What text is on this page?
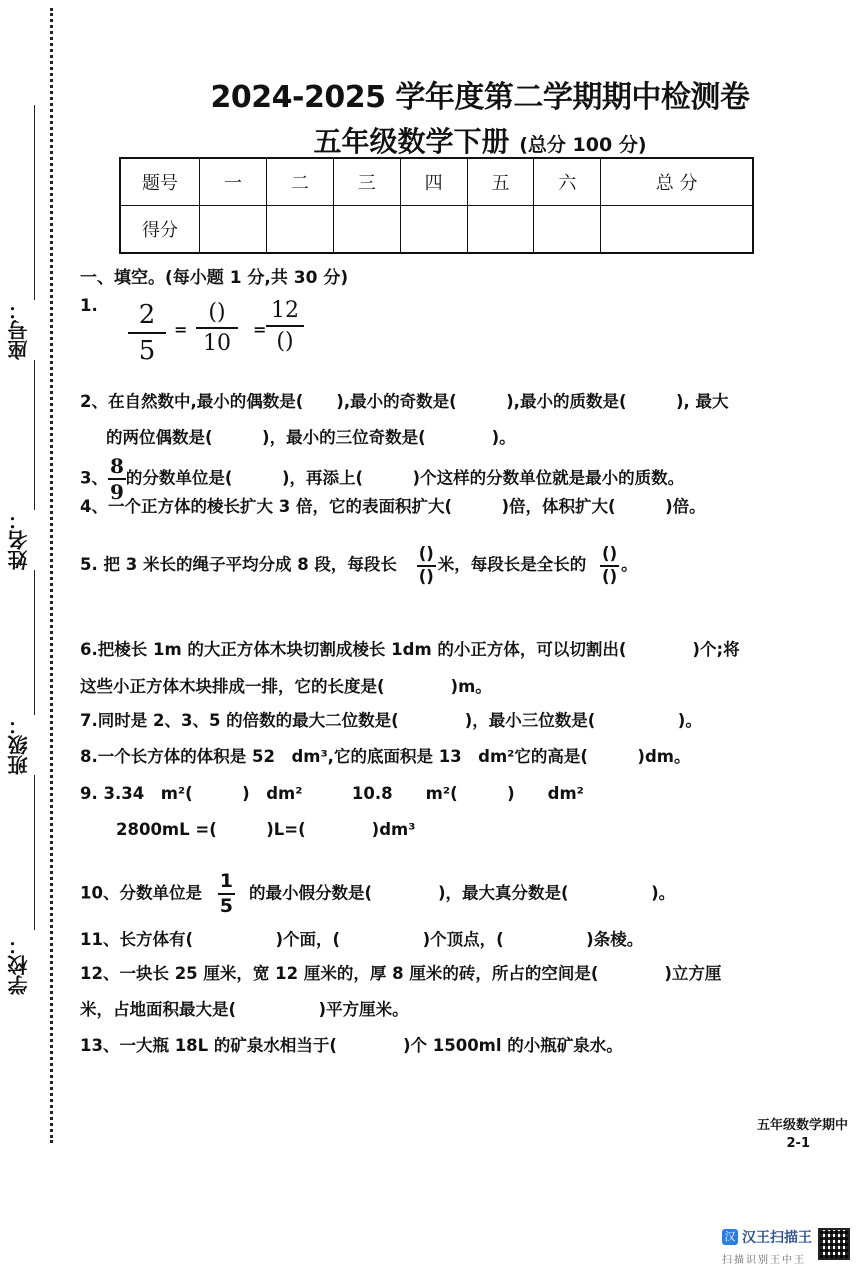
座号：
姓名：
班级：
学校：
2024-2025 学年度第二学期期中检测卷
五年级数学下册 (总分 100 分)
题号	一	二	三	四	五	六	总 分
得分							
一、填空。(每小题 1 分,共 30 分)
1.	2
5
=
()
10
=
12
()
2、在自然数中,最小的偶数是(　　),最小的奇数是(　　　),最小的质数是(　　　), 最大
的两位偶数是(　　　)，最小的三位奇数是(　　　　)。
3、 $\frac{8}{9}$ 的分数单位是(　　　)，再添上(　　　)个这样的分数单位就是最小的质数。
4、一个正方体的棱长扩大 3 倍，它的表面积扩大(　　　)倍，体积扩大(　　　)倍。
5. 把 3 米长的绳子平均分成 8 段，每段长 $\frac{()}{()}$ 米，每段长是全长的 $\frac{()}{()}$ 。
6.把棱长 1m 的大正方体木块切割成棱长 1dm 的小正方体，可以切割出(　　　　)个;将
这些小正方体木块排成一排，它的长度是(　　　　)m。
7.同时是 2、3、5 的倍数的最大二位数是(　　　　)，最小三位数是(　　　　　)。
8.一个长方体的体积是 52　dm³,它的底面积是 13　dm²它的高是(　　　)dm。
9. 3.34　m²(　　　)　dm²　　　10.8　　m²(　　　)　　dm²
2800mL =(　　　)L=(　　　　)dm³
10、分数单位是 $\frac{1}{5}$ 的最小假分数是(　　　　)，最大真分数是(　　　　　)。
11、长方体有(　　　　　)个面，(　　　　　)个顶点，(　　　　　)条棱。
12、一块长 25 厘米，宽 12 厘米的，厚 8 厘米的砖，所占的空间是(　　　　)立方厘
米，占地面积最大是(　　　　　)平方厘米。
13、一大瓶 18L 的矿泉水相当于(　　　　)个 1500ml 的小瓶矿泉水。
五年级数学期中
2-1
汉 汉王扫描王
扫描识别王中王
